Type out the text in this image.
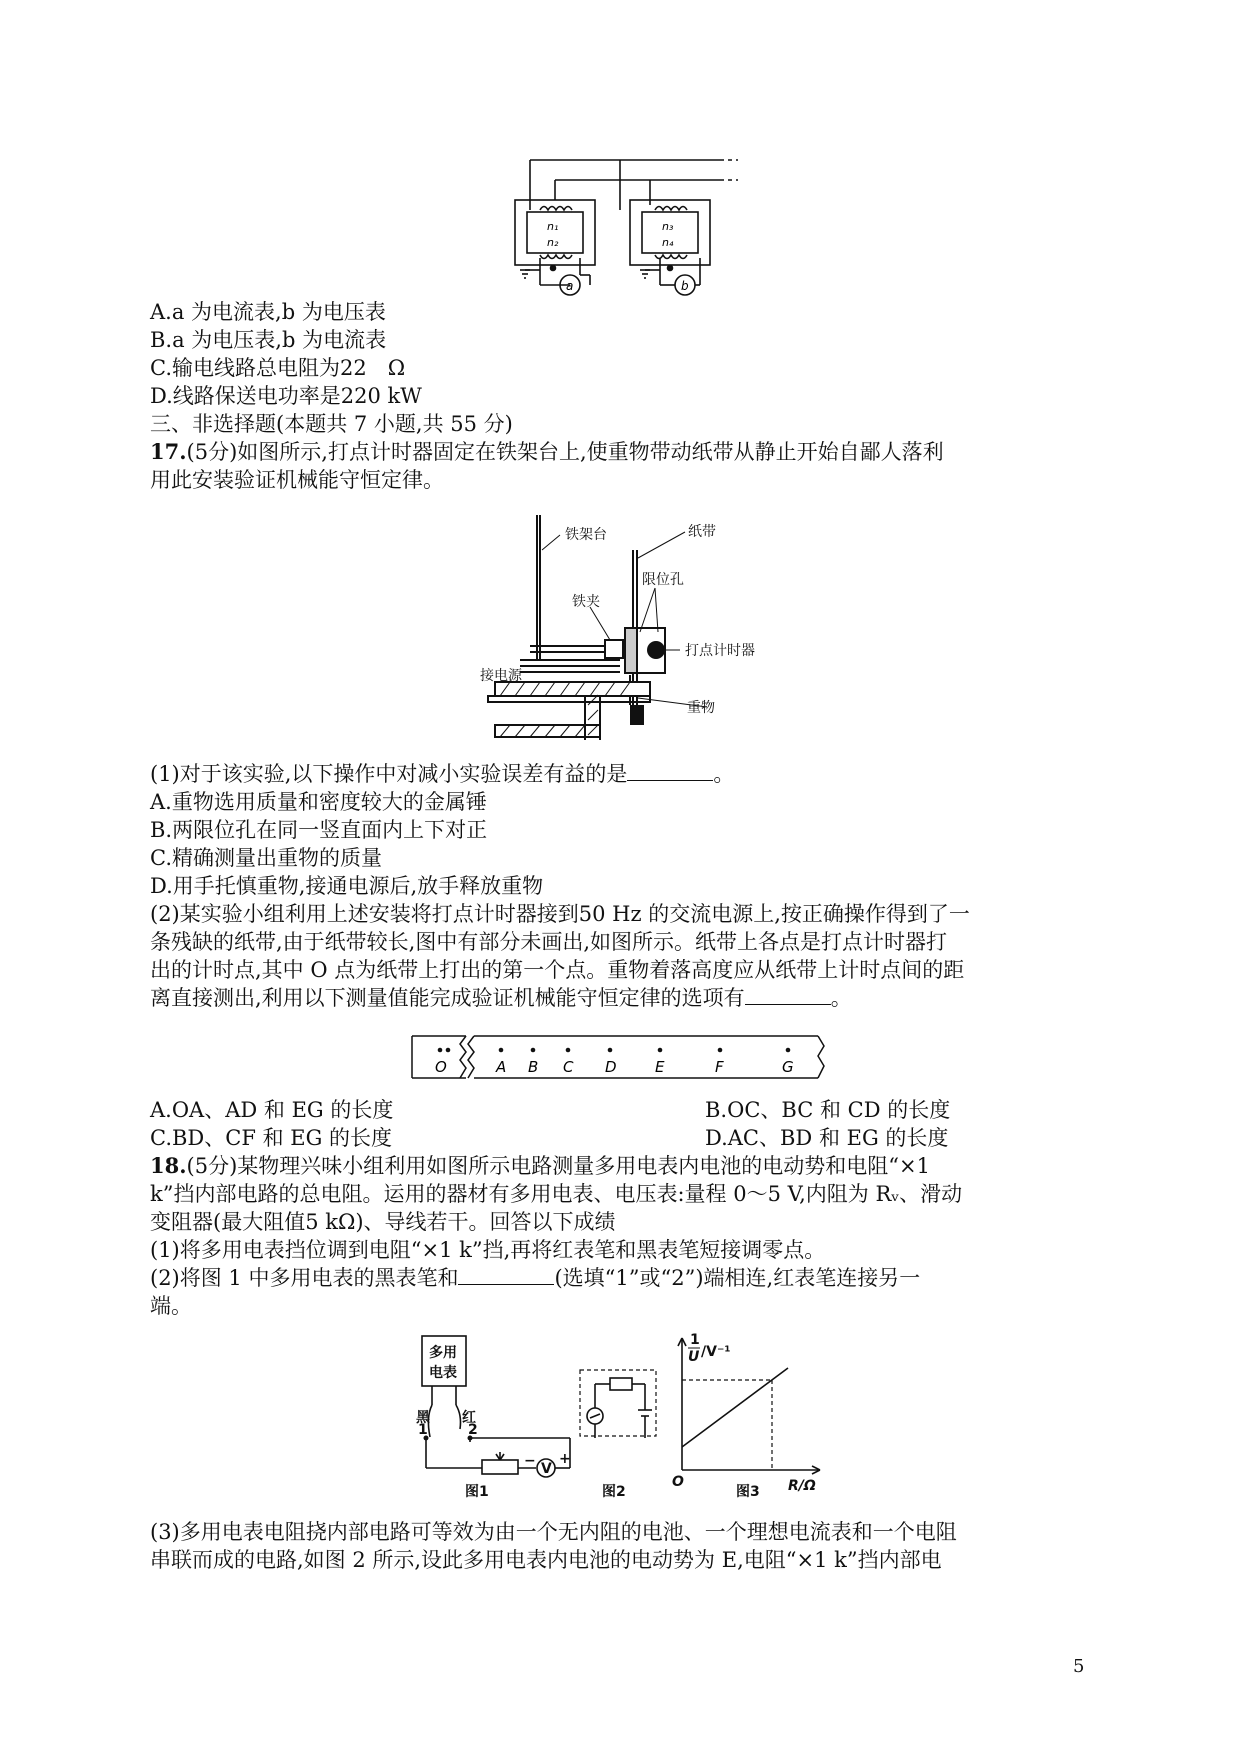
n₁
n₂
n₃
n₄
a	b
A.a 为电流表,b 为电压表
B.a 为电压表,b 为电流表
C.输电线路总电阻为22　Ω
D.线路保送电功率是220 kW
三、非选择题(本题共 7 小题,共 55 分)
17.(5分)如图所示,打点计时器固定在铁架台上,使重物带动纸带从静止开始自鄙人落利
用此安装验证机械能守恒定律。
铁架台	纸带
铁夹
限位孔
打点计时器
接电源
重物
(1)对于该实验,以下操作中对减小实验误差有益的是	。
A.重物选用质量和密度较大的金属锤
B.两限位孔在同一竖直面内上下对正
C.精确测量出重物的质量
D.用手托慎重物,接通电源后,放手释放重物
(2)某实验小组利用上述安装将打点计时器接到50 Hz 的交流电源上,按正确操作得到了一
条残缺的纸带,由于纸带较长,图中有部分未画出,如图所示。纸带上各点是打点计时器打
出的计时点,其中 O 点为纸带上打出的第一个点。重物着落高度应从纸带上计时点间的距
离直接测出,利用以下测量值能完成验证机械能守恒定律的选项有	。
O	A B C D	E	F	G
A.OA、AD 和 EG 的长度	B.OC、BC 和 CD 的长度
C.BD、CF 和 EG 的长度	D.AC、BD 和 EG 的长度
18.(5分)某物理兴味小组利用如图所示电路测量多用电表内电池的电动势和电阻“×1
k”挡内部电路的总电阻。运用的器材有多用电表、电压表:量程 0～5 V,内阻为 Rᵥ、滑动
变阻器(最大阻值5 kΩ)、导线若干。回答以下成绩
(1)将多用电表挡位调到电阻“×1 k”挡,再将红表笔和黑表笔短接调零点。
(2)将图 1 中多用电表的黑表笔和	(选填“1”或“2”)端相连,红表笔连接另一
端。
多用
电表
黑 红
1	2
− +
V
图1	图2
1
U /V⁻¹
R/Ω
O
图3
(3)多用电表电阻挠内部电路可等效为由一个无内阻的电池、一个理想电流表和一个电阻
串联而成的电路,如图 2 所示,设此多用电表内电池的电动势为 E,电阻“×1 k”挡内部电
5
